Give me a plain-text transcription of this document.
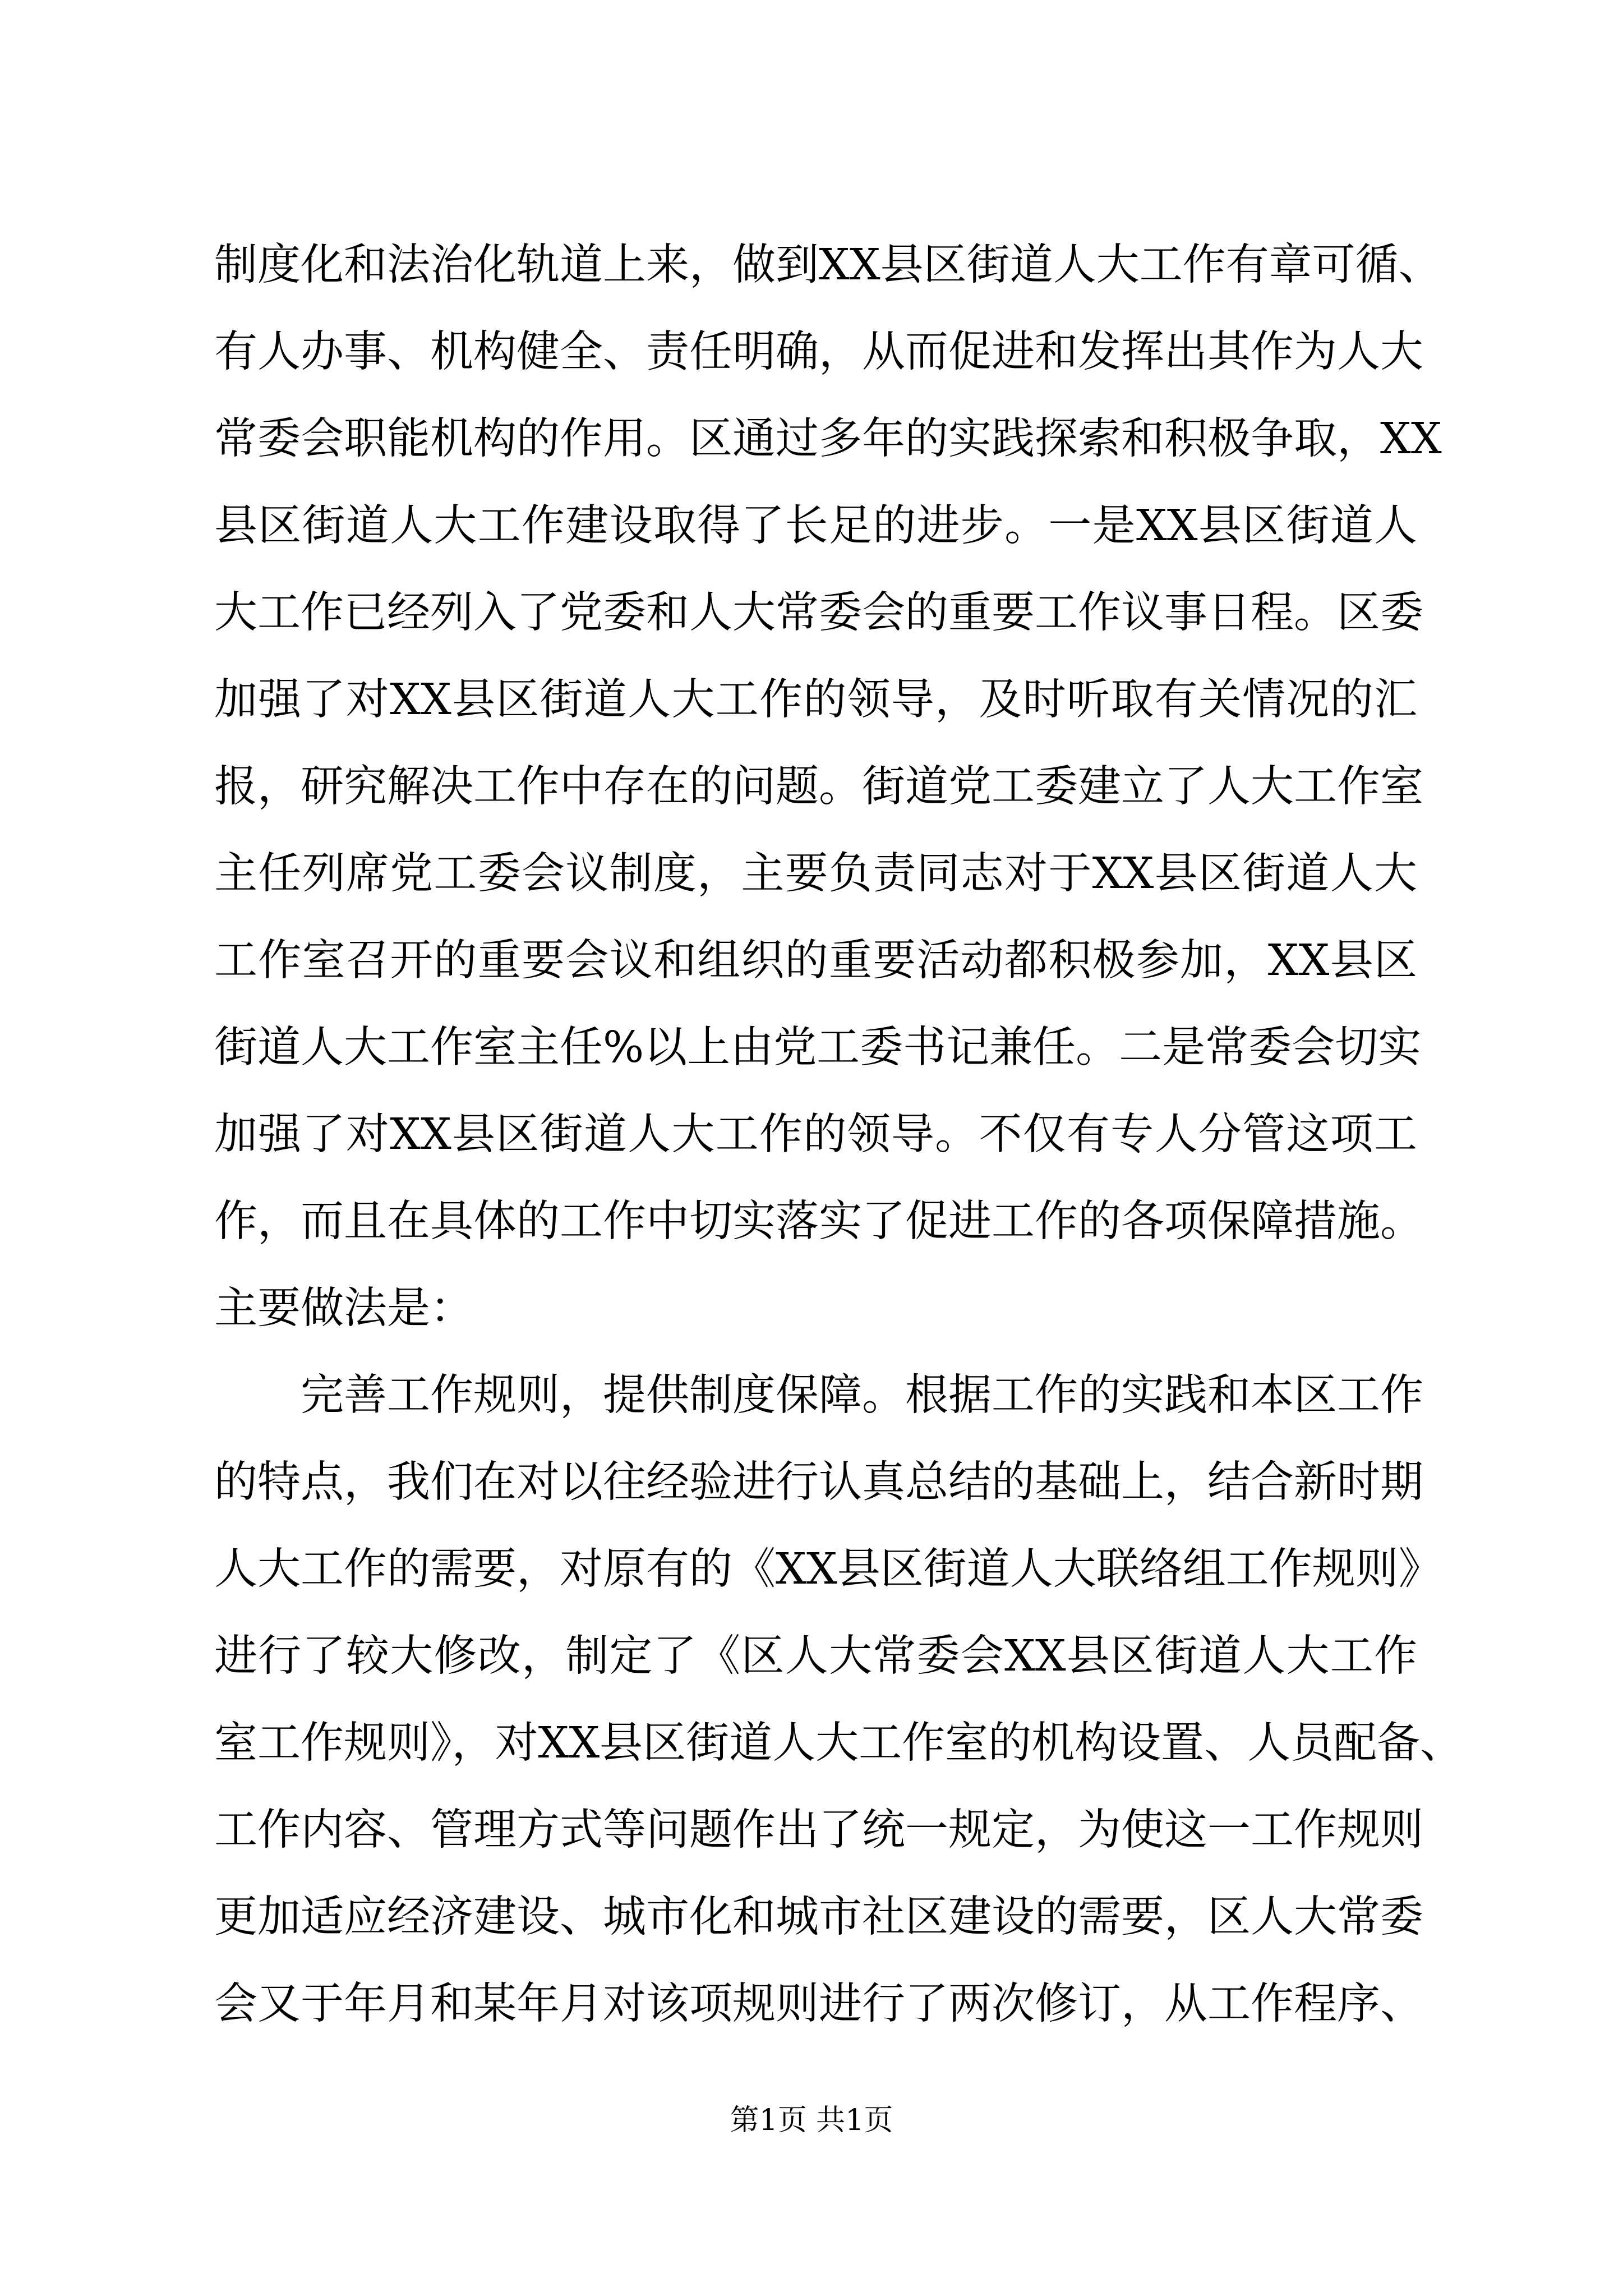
制度化和法治化轨道上来，做到XX县区街道人大工作有章可循、
有人办事、机构健全、责任明确，从而促进和发挥出其作为人大
常委会职能机构的作用。区通过多年的实践探索和积极争取，XX
县区街道人大工作建设取得了长足的进步。一是XX县区街道人
大工作已经列入了党委和人大常委会的重要工作议事日程。区委
加强了对XX县区街道人大工作的领导，及时听取有关情况的汇
报，研究解决工作中存在的问题。街道党工委建立了人大工作室
主任列席党工委会议制度，主要负责同志对于XX县区街道人大
工作室召开的重要会议和组织的重要活动都积极参加，XX县区
街道人大工作室主任%以上由党工委书记兼任。二是常委会切实
加强了对XX县区街道人大工作的领导。不仅有专人分管这项工
作，而且在具体的工作中切实落实了促进工作的各项保障措施。
主要做法是：
　　完善工作规则，提供制度保障。根据工作的实践和本区工作
的特点，我们在对以往经验进行认真总结的基础上，结合新时期
人大工作的需要，对原有的《XX县区街道人大联络组工作规则》
进行了较大修改，制定了《区人大常委会XX县区街道人大工作
室工作规则》，对XX县区街道人大工作室的机构设置、人员配备、
工作内容、管理方式等问题作出了统一规定，为使这一工作规则
更加适应经济建设、城市化和城市社区建设的需要，区人大常委
会又于年月和某年月对该项规则进行了两次修订，从工作程序、
第1页 共1页
